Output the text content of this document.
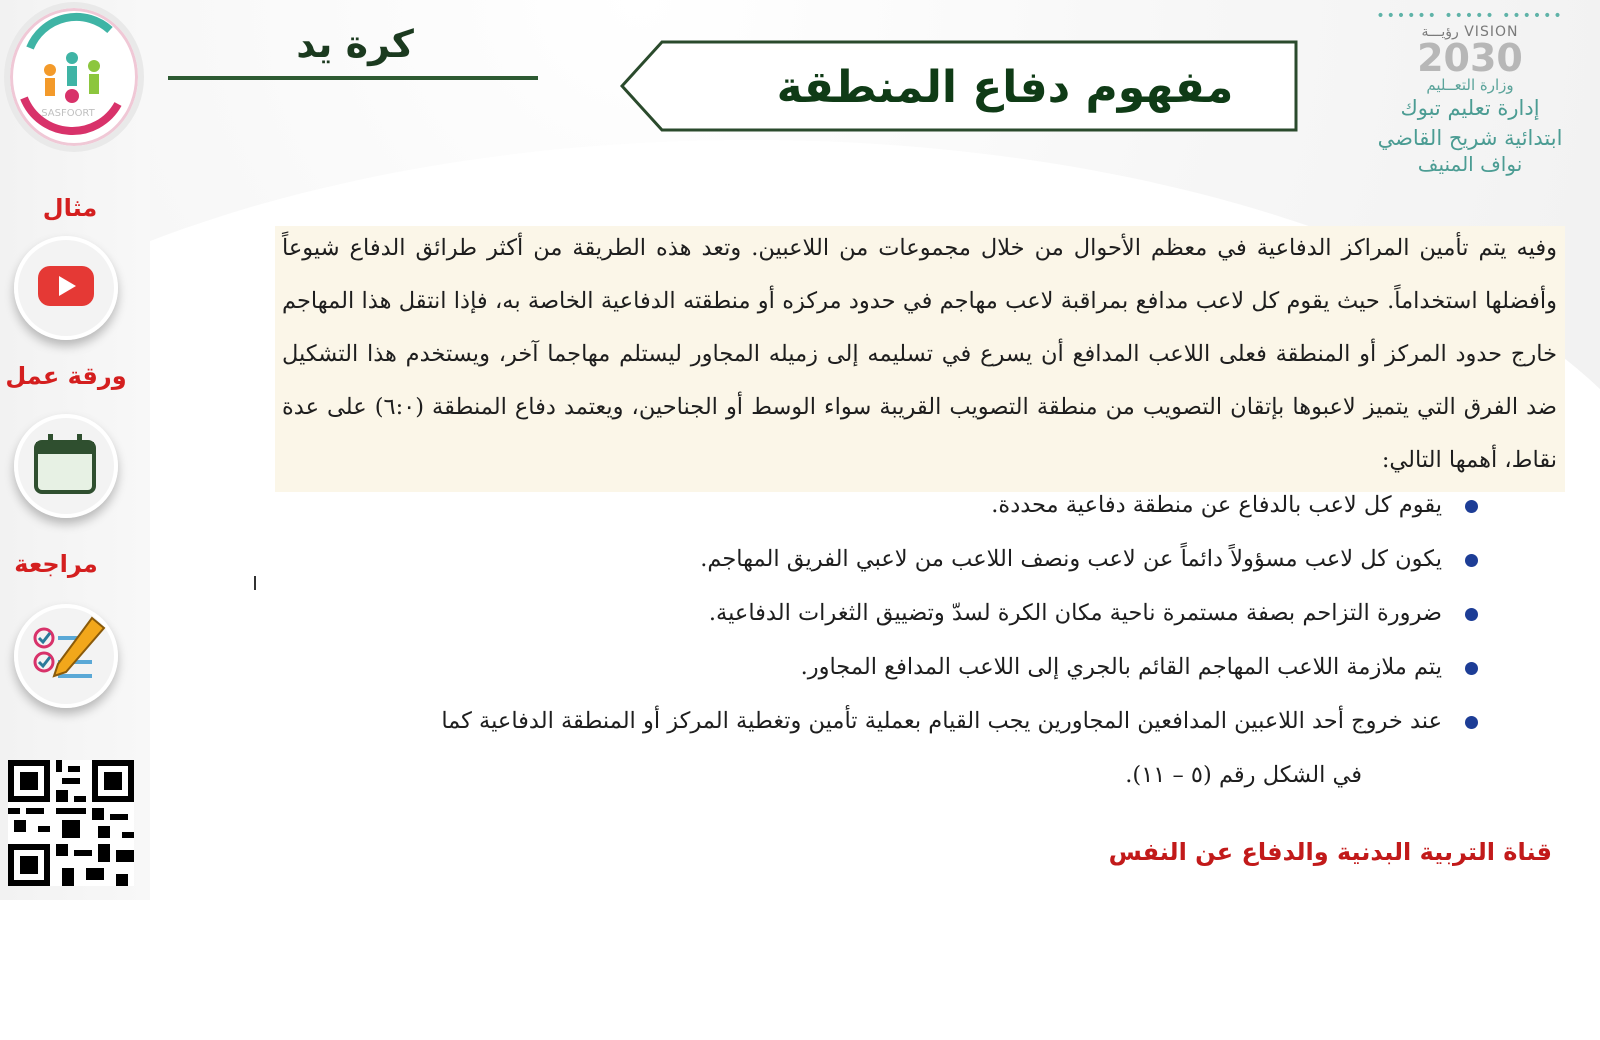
SASFOORT
كرة يد
مفهوم دفاع المنطقة
•••••• ••••• ••••••
VISION رؤيـــة
2030
وزارة التعــليم
إدارة تعليم تبوك
ابتدائية شريح القاضي
نواف المنيف
مثال
ورقة عمل
مراجعة
وفيه يتم تأمين المراكز الدفاعية في معظم الأحوال من خلال مجموعات من اللاعبين. وتعد هذه الطريقة من أكثر طرائق الدفاع شيوعاً وأفضلها استخداماً. حيث يقوم كل لاعب مدافع بمراقبة لاعب مهاجم في حدود مركزه أو منطقته الدفاعية الخاصة به، فإذا انتقل هذا المهاجم خارج حدود المركز أو المنطقة فعلى اللاعب المدافع أن يسرع في تسليمه إلى زميله المجاور ليستلم مهاجما آخر، ويستخدم هذا التشكيل ضد الفرق التي يتميز لاعبوها بإتقان التصويب من منطقة التصويب القريبة سواء الوسط أو الجناحين، ويعتمد دفاع المنطقة (٦:٠) على عدة نقاط، أهمها التالي:
يقوم كل لاعب بالدفاع عن منطقة دفاعية محددة.
يكون كل لاعب مسؤولاً دائماً عن لاعب ونصف اللاعب من لاعبي الفريق المهاجم.
ضرورة التزاحم بصفة مستمرة ناحية مكان الكرة لسدّ وتضييق الثغرات الدفاعية.
يتم ملازمة اللاعب المهاجم القائم بالجري إلى اللاعب المدافع المجاور.
عند خروج أحد اللاعبين المدافعين المجاورين يجب القيام بعملية تأمين وتغطية المركز أو المنطقة الدفاعية كما
في الشكل رقم (٥ – ١١).
قناة التربية البدنية والدفاع عن النفس
